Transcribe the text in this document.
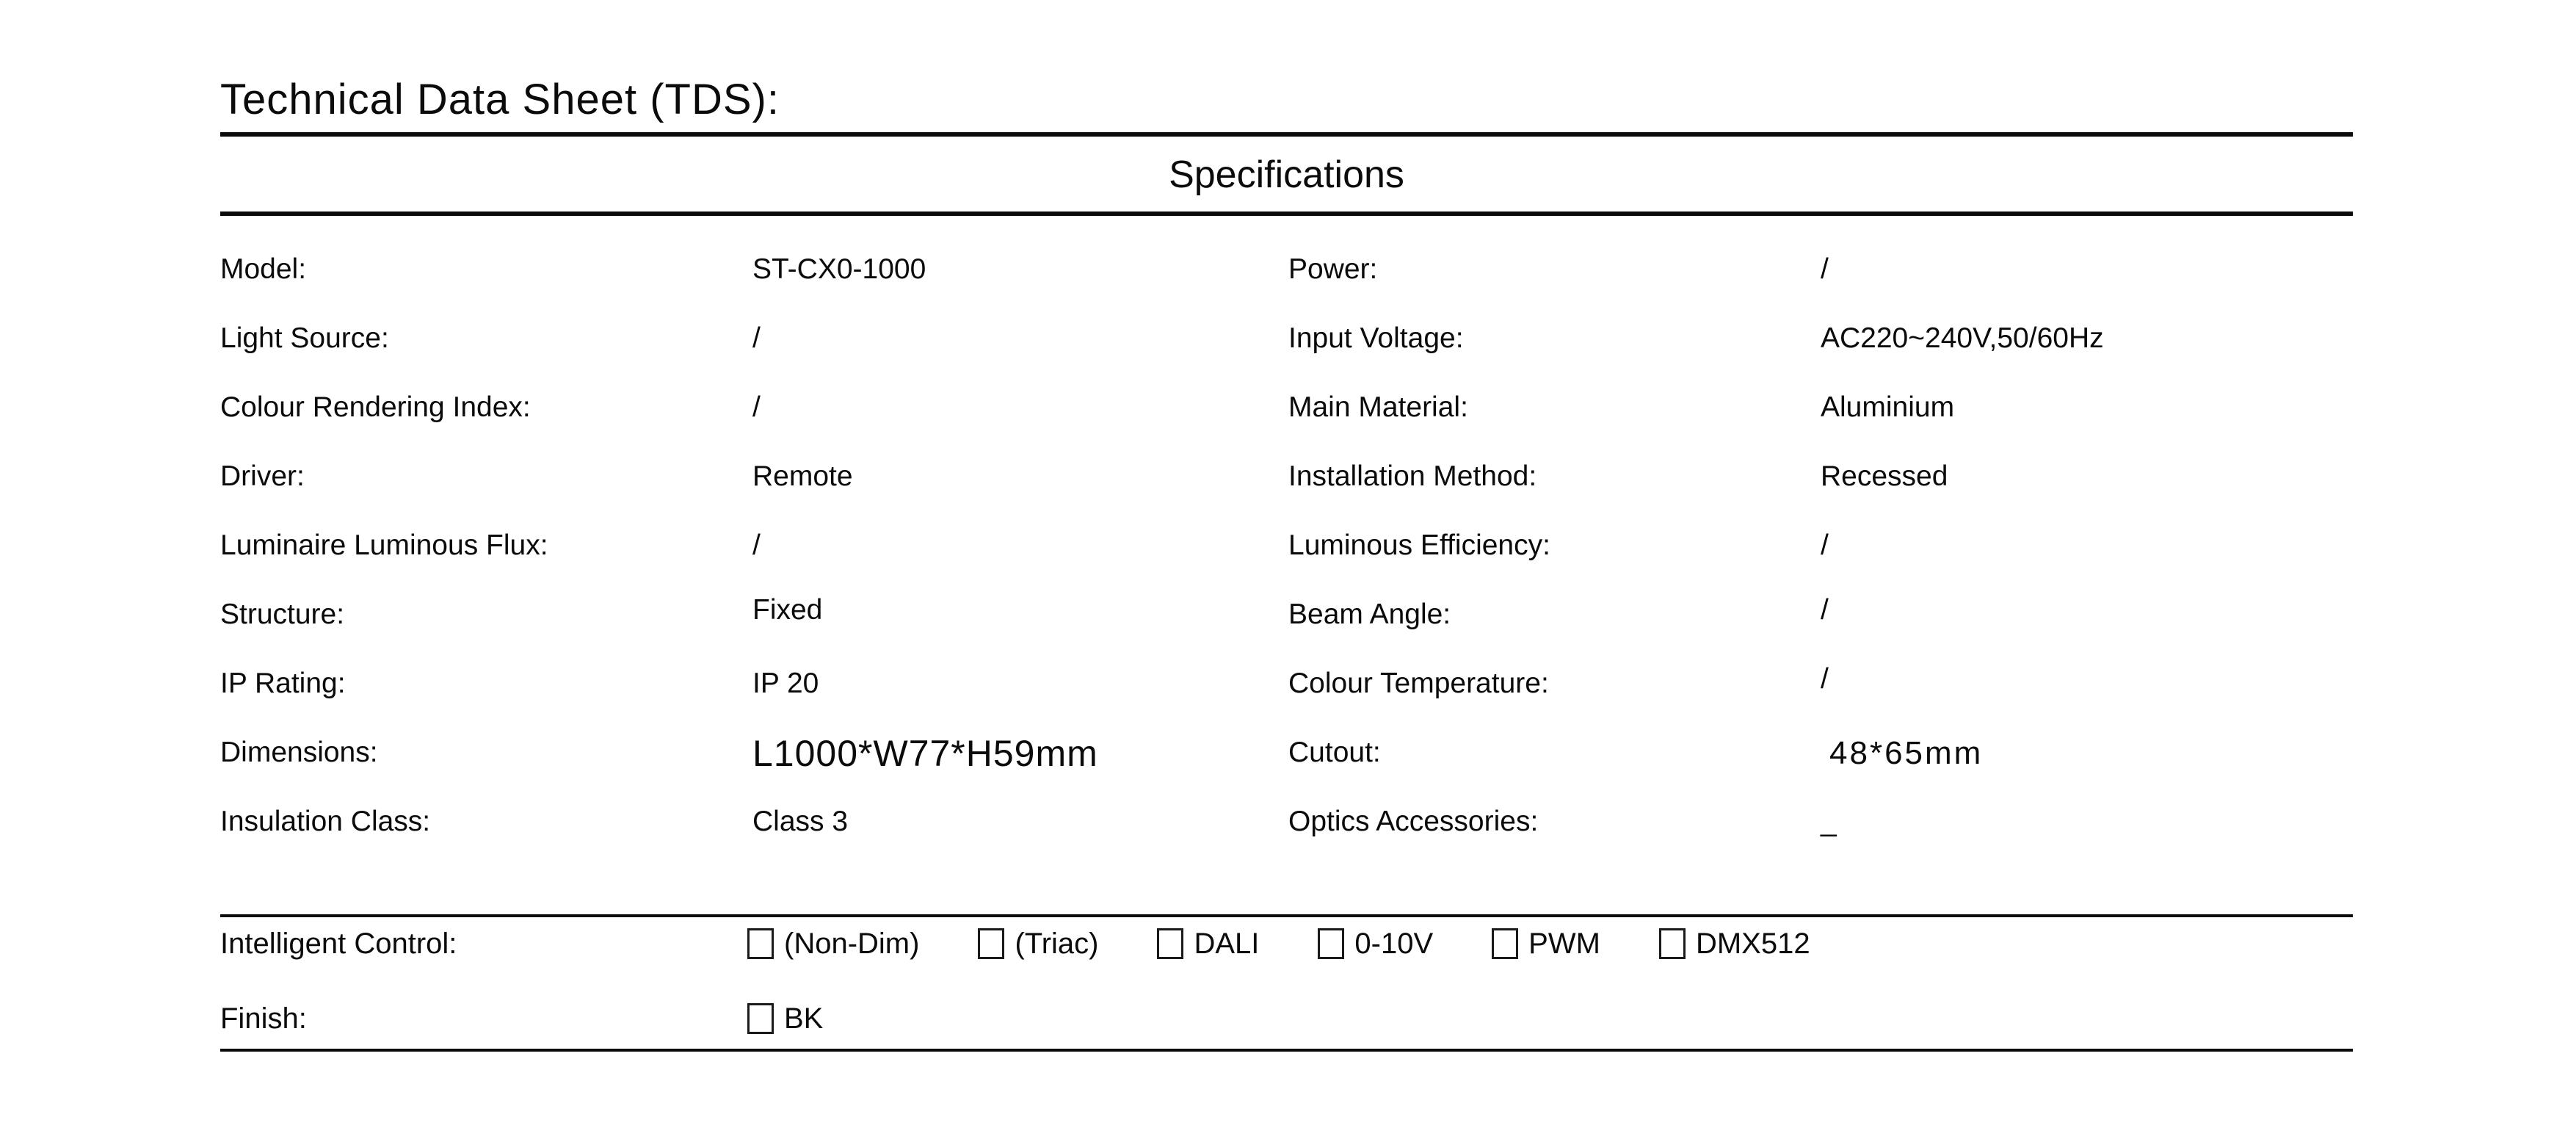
Technical Data Sheet (TDS):
Specifications
Model:	ST-CX0-1000	Power:	/
Light Source:	/	Input Voltage:	AC220~240V,50/60Hz
Colour Rendering Index:	/	Main Material:	Aluminium
Driver:	Remote	Installation Method:	Recessed
Luminaire Luminous Flux:	/	Luminous Efficiency:	/
Structure:	Fixed	Beam Angle:	/
IP Rating:	IP 20	Colour Temperature:	/
Dimensions:	L1000*W77*H59mm	Cutout:	48*65mm
Insulation Class:	Class 3	Optics Accessories:	_
Intelligent Control:	(Non-Dim)	(Triac)	DALI	0-10V	PWM	DMX512
Finish:	BK
